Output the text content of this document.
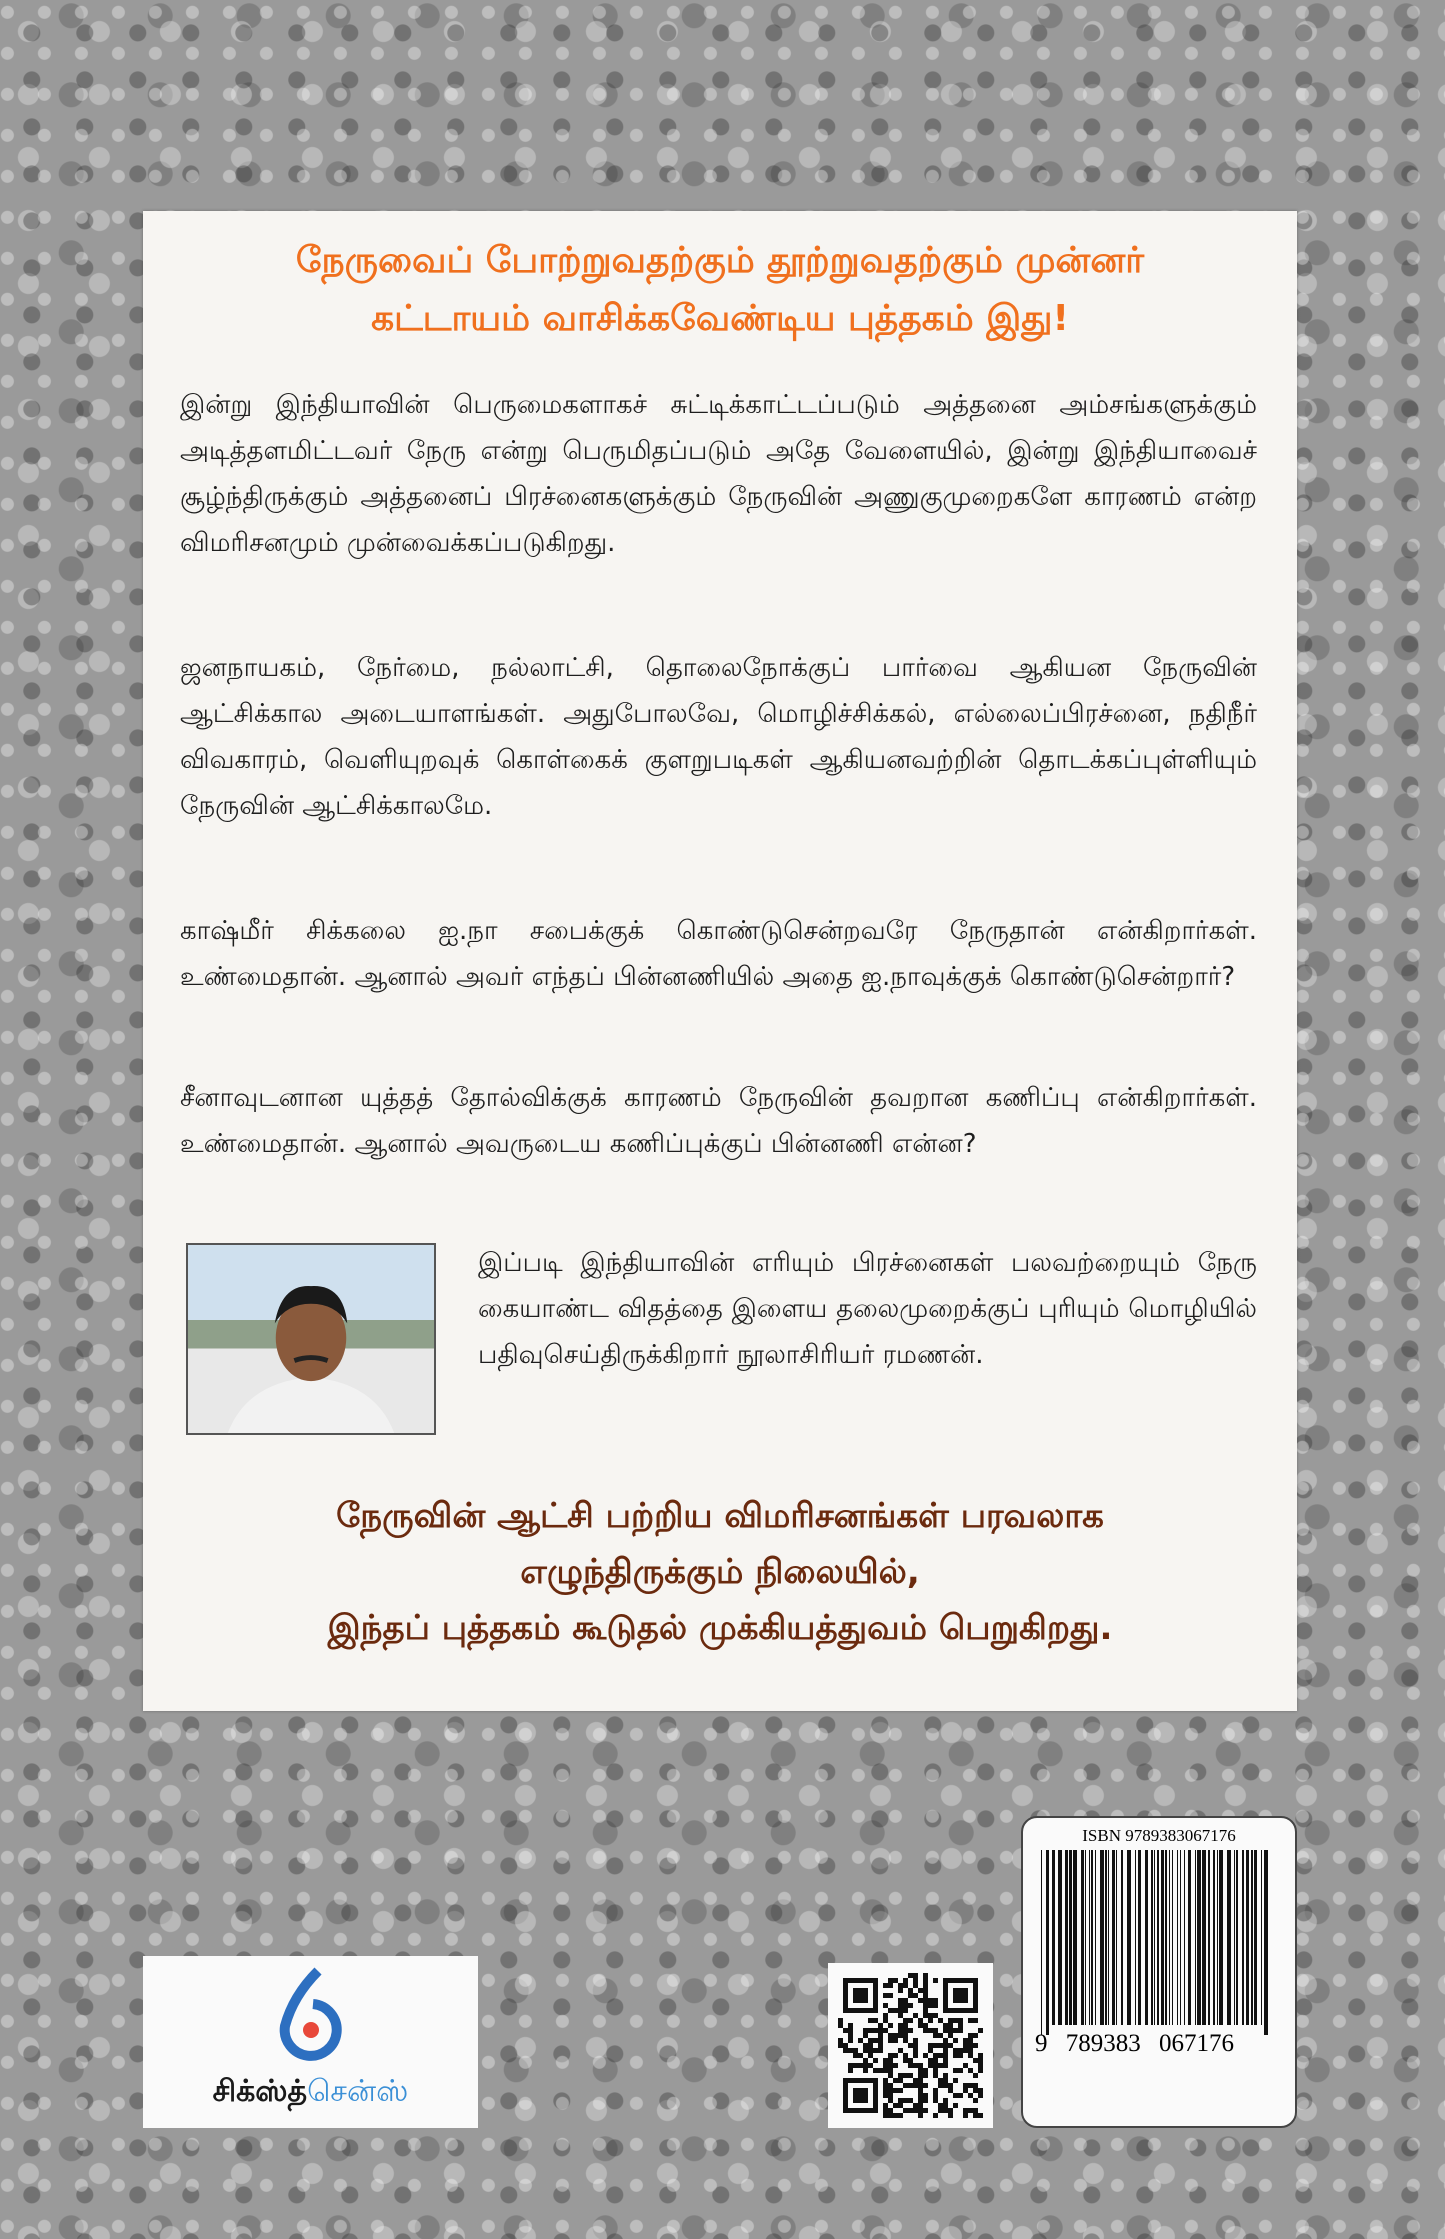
நேருவைப் போற்றுவதற்கும் தூற்றுவதற்கும் முன்னர்
கட்டாயம் வாசிக்கவேண்டிய புத்தகம் இது!

இன்று இந்தியாவின் பெருமைகளாகச் சுட்டிக்காட்டப்படும் அத்தனை அம்சங்களுக்கும் அடித்தளமிட்டவர் நேரு என்று பெருமிதப்படும் அதே வேளையில், இன்று இந்தியாவைச் சூழ்ந்திருக்கும் அத்தனைப் பிரச்னைகளுக்கும் நேருவின் அணுகுமுறைகளே காரணம் என்ற விமரிசனமும் முன்வைக்கப்படுகிறது.

ஜனநாயகம், நேர்மை, நல்லாட்சி, தொலைநோக்குப் பார்வை ஆகியன நேருவின் ஆட்சிக்கால அடையாளங்கள். அதுபோலவே, மொழிச்சிக்கல், எல்லைப்பிரச்னை, நதிநீர் விவகாரம், வெளியுறவுக் கொள்கைக் குளறுபடிகள் ஆகியனவற்றின் தொடக்கப்புள்ளியும் நேருவின் ஆட்சிக்காலமே.

காஷ்மீர் சிக்கலை ஐ.நா சபைக்குக் கொண்டுசென்றவரே நேருதான் என்கிறார்கள். உண்மைதான். ஆனால் அவர் எந்தப் பின்னணியில் அதை ஐ.நாவுக்குக் கொண்டுசென்றார்?

சீனாவுடனான யுத்தத் தோல்விக்குக் காரணம் நேருவின் தவறான கணிப்பு என்கிறார்கள். உண்மைதான். ஆனால் அவருடைய கணிப்புக்குப் பின்னணி என்ன?

இப்படி இந்தியாவின் எரியும் பிரச்னைகள் பலவற்றையும் நேரு கையாண்ட விதத்தை இளைய தலைமுறைக்குப் புரியும் மொழியில் பதிவுசெய்திருக்கிறார் நூலாசிரியர் ரமணன்.

நேருவின் ஆட்சி பற்றிய விமரிசனங்கள் பரவலாக
எழுந்திருக்கும் நிலையில்,
இந்தப் புத்தகம் கூடுதல் முக்கியத்துவம் பெறுகிறது.
சிக்ஸ்த்சென்ஸ்
ISBN 9789383067176
9 789383 067176
